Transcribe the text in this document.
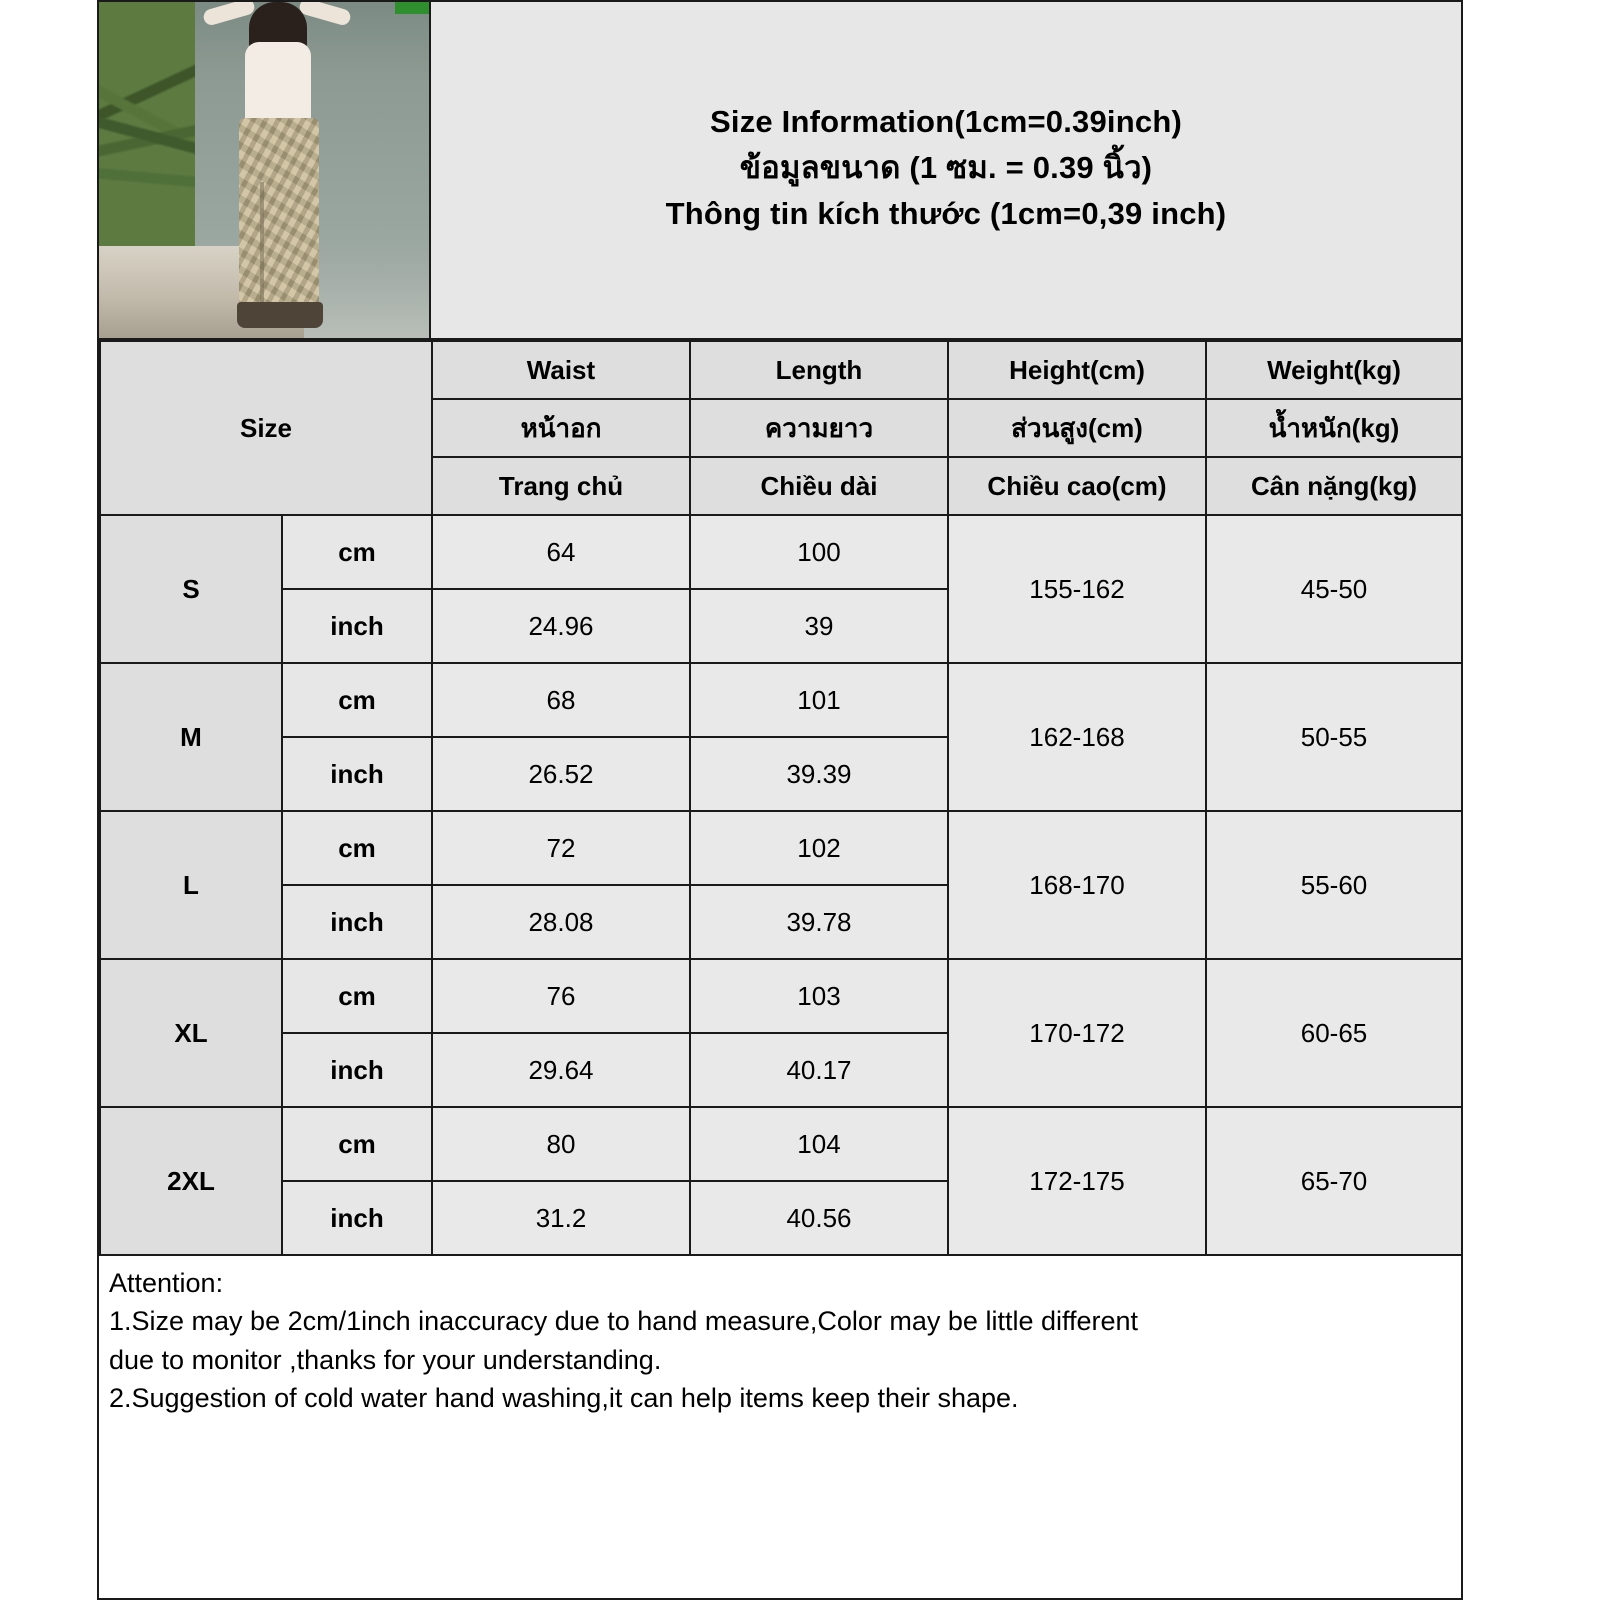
Size Information(1cm=0.39inch)
ข้อมูลขนาด (1 ซม. = 0.39 นิ้ว)
Thông tin kích thước (1cm=0,39 inch)
Size		Waist	Length	Height(cm)	Weight(kg)
		หน้าอก	ความยาว	ส่วนสูง(cm)	น้ำหนัก(kg)
		Trang chủ	Chiều dài	Chiều cao(cm)	Cân nặng(kg)
S	cm	64	100	155-162	45-50
	inch	24.96	39		
M	cm	68	101	162-168	50-55
	inch	26.52	39.39		
L	cm	72	102	168-170	55-60
	inch	28.08	39.78		
XL	cm	76	103	170-172	60-65
	inch	29.64	40.17		
2XL	cm	80	104	172-175	65-70
	inch	31.2	40.56		
Attention:
1.Size may be 2cm/1inch inaccuracy due to hand measure,Color may be little different
due to monitor ,thanks for your understanding.
2.Suggestion of cold water hand washing,it can help items keep their shape.
